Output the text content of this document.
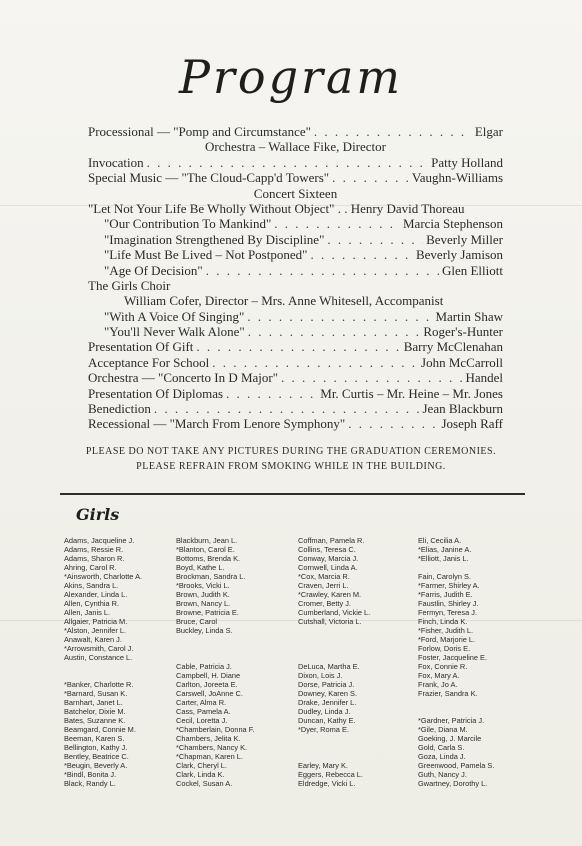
Program
Processional — "Pomp and Circumstance" . . .	Elgar
Orchestra – Wallace Fike, Director
Invocation . . .	Patty Holland
Special Music — "The Cloud-Capp'd Towers" . . .	Vaughn-Williams
Concert Sixteen
"Let Not Your Life Be Wholly Without Object" . . Henry David Thoreau
"Our Contribution To Mankind" . . .	Marcia Stephenson
"Imagination Strengthened By Discipline" . . .	Beverly Miller
"Life Must Be Lived – Not Postponed" . . .	Beverly Jamison
"Age Of Decision" . . .	Glen Elliott
The Girls Choir
William Cofer, Director – Mrs. Anne Whitesell, Accompanist
"With A Voice Of Singing" . . .	Martin Shaw
"You'll Never Walk Alone" . . .	Roger's-Hunter
Presentation Of Gift . . .	Barry McClenahan
Acceptance For School . . .	John McCarroll
Orchestra — "Concerto In D Major" . . .	Handel
Presentation Of Diplomas . . .	Mr. Curtis – Mr. Heine – Mr. Jones
Benediction . . .	Jean Blackburn
Recessional — "March From Lenore Symphony" . . .	Joseph Raff
PLEASE DO NOT TAKE ANY PICTURES DURING THE GRADUATION CEREMONIES.
PLEASE REFRAIN FROM SMOKING WHILE IN THE BUILDING.
Girls
Adams, Jacqueline J.
Adams, Ressie R.
Adams, Sharon R.
Ahring, Carol R.
*Ainsworth, Charlotte A.
Akins, Sandra L.
Alexander, Linda L.
Allen, Cynthia R.
Allen, Janis L.
Allgaier, Patricia M.
*Alston, Jennifer L.
Anawalt, Karen J.
*Arrowsmith, Carol J.
Austin, Constance L.
*Banker, Charlotte R.
*Barnard, Susan K.
Barnhart, Janet L.
Batchelor, Dixie M.
Bates, Suzanne K.
Beamgard, Connie M.
Beeman, Karen S.
Bellington, Kathy J.
Bentley, Beatrice C.
*Beugin, Beverly A.
*Bindl, Bonita J.
Black, Randy L.
Blackburn, Jean L.
*Blanton, Carol E.
Bottoms, Brenda K.
Boyd, Kathe L.
Brockman, Sandra L.
*Brooks, Vicki L.
Brown, Judith K.
Brown, Nancy L.
Browne, Patricia E.
Bruce, Carol
Buckley, Linda S.
Cable, Patricia J.
Campbell, H. Diane
Carlton, Joreeta E.
Carswell, JoAnne C.
Carter, Alma R.
Cass, Pamela A.
Cecil, Loretta J.
*Chamberlain, Donna F.
Chambers, Jelita K.
*Chambers, Nancy K.
*Chapman, Karen L.
Clark, Cheryl L.
Clark, Linda K.
Cockel, Susan A.
Coffman, Pamela R.
Collins, Teresa C.
Conway, Marcia J.
Cornwell, Linda A.
*Cox, Marcia R.
Craven, Jerri L.
*Crawley, Karen M.
Cromer, Betty J.
Cumberland, Vickie L.
Cutshall, Victoria L.
DeLuca, Martha E.
Dixon, Lois J.
Dorse, Patricia J.
Downey, Karen S.
Drake, Jennifer L.
Dudley, Linda J.
Duncan, Kathy E.
*Dyer, Roma E.
Earley, Mary K.
Eggers, Rebecca L.
Eldredge, Vicki L.
Eli, Cecilia A.
*Elias, Janine A.
*Elliott, Janis L.
Fain, Carolyn S.
*Farmer, Shirley A.
*Farris, Judith E.
Faustlin, Shirley J.
Fermyn, Teresa J.
Finch, Linda K.
*Fisher, Judith L.
*Ford, Marjorie L.
Forlow, Doris E.
Foster, Jacqueline E.
Fox, Connie R.
Fox, Mary A.
Frank, Jo A.
Frazier, Sandra K.
*Gardner, Patricia J.
*Gile, Diana M.
Goeking, J. Marcile
Gold, Carla S.
Goza, Linda J.
Greenwood, Pamela S.
Guth, Nancy J.
Gwartney, Dorothy L.
